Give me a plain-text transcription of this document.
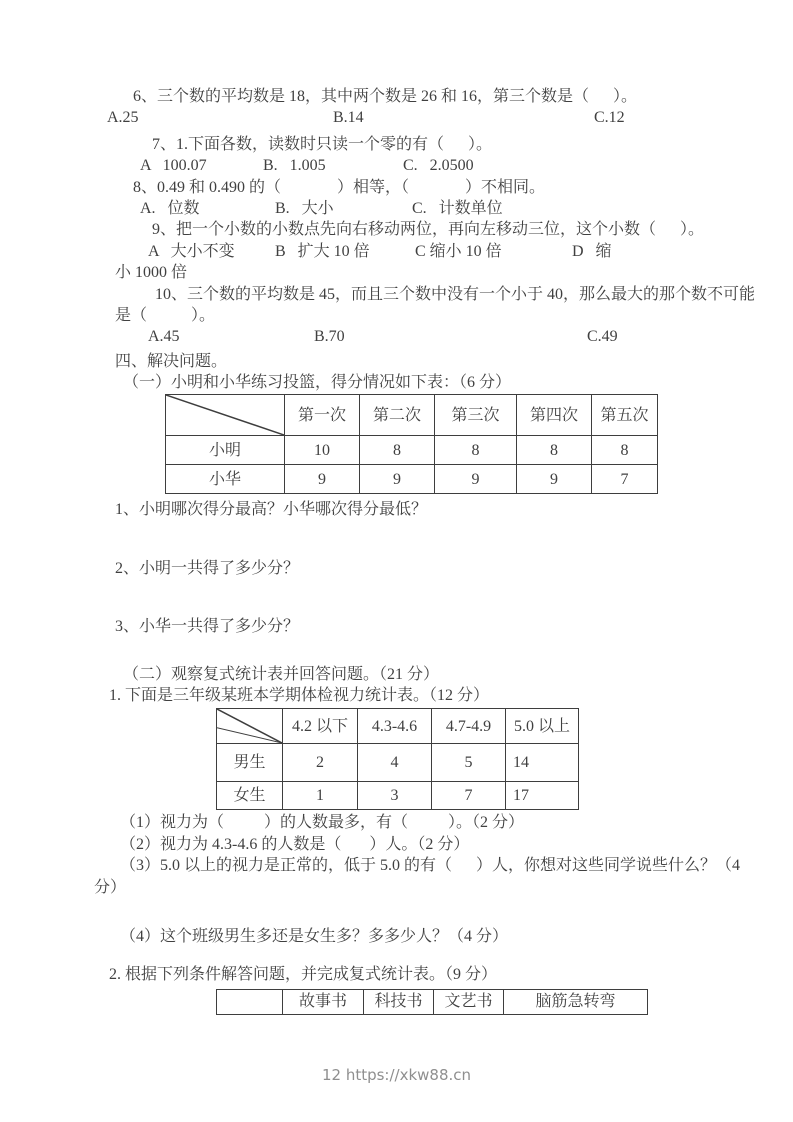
6、三个数的平均数是 18，其中两个数是 26 和 16，第三个数是（      ）。

A.25	B.14	C.12

7、1.下面各数，读数时只读一个零的有（      ）。

A   100.07	B.   1.005	C.   2.0500

8、0.49 和 0.490 的（              ）相等，（              ）不相同。

A.   位数	B.   大小	C.   计数单位

9、把一个小数的小数点先向右移动两位，再向左移动三位，这个小数（      ）。

A   大小不变	B   扩大 10 倍	C 缩小 10 倍	D   缩

小 1000 倍

10、三个数的平均数是 45，而且三个数中没有一个小于 40，那么最大的那个数不可能

是（           ）。

A.45	B.70	C.49

四、解决问题。

（一）小明和小华练习投篮，得分情况如下表：（6 分）

	第一次	第二次	第三次	第四次	第五次
小明	10	8	8	8	8
小华	9	9	9	9	7

1、小明哪次得分最高？小华哪次得分最低？

2、小明一共得了多少分？

3、小华一共得了多少分？

（二）观察复式统计表并回答问题。（21 分）

1. 下面是三年级某班本学期体检视力统计表。（12 分）

	4.2 以下	4.3-4.6	4.7-4.9	5.0 以上
男生	2	4	5	14
女生	1	3	7	17

（1）视力为（          ）的人数最多，有（          ）。（2 分）

（2）视力为 4.3-4.6 的人数是（       ）人。（2 分）

（3）5.0 以上的视力是正常的，低于 5.0 的有（      ）人，你想对这些同学说些什么？（4

分）

（4）这个班级男生多还是女生多？多多少人？（4 分）

2. 根据下列条件解答问题，并完成复式统计表。（9 分）

	故事书	科技书	文艺书	脑筋急转弯
12 https://xkw88.cn
